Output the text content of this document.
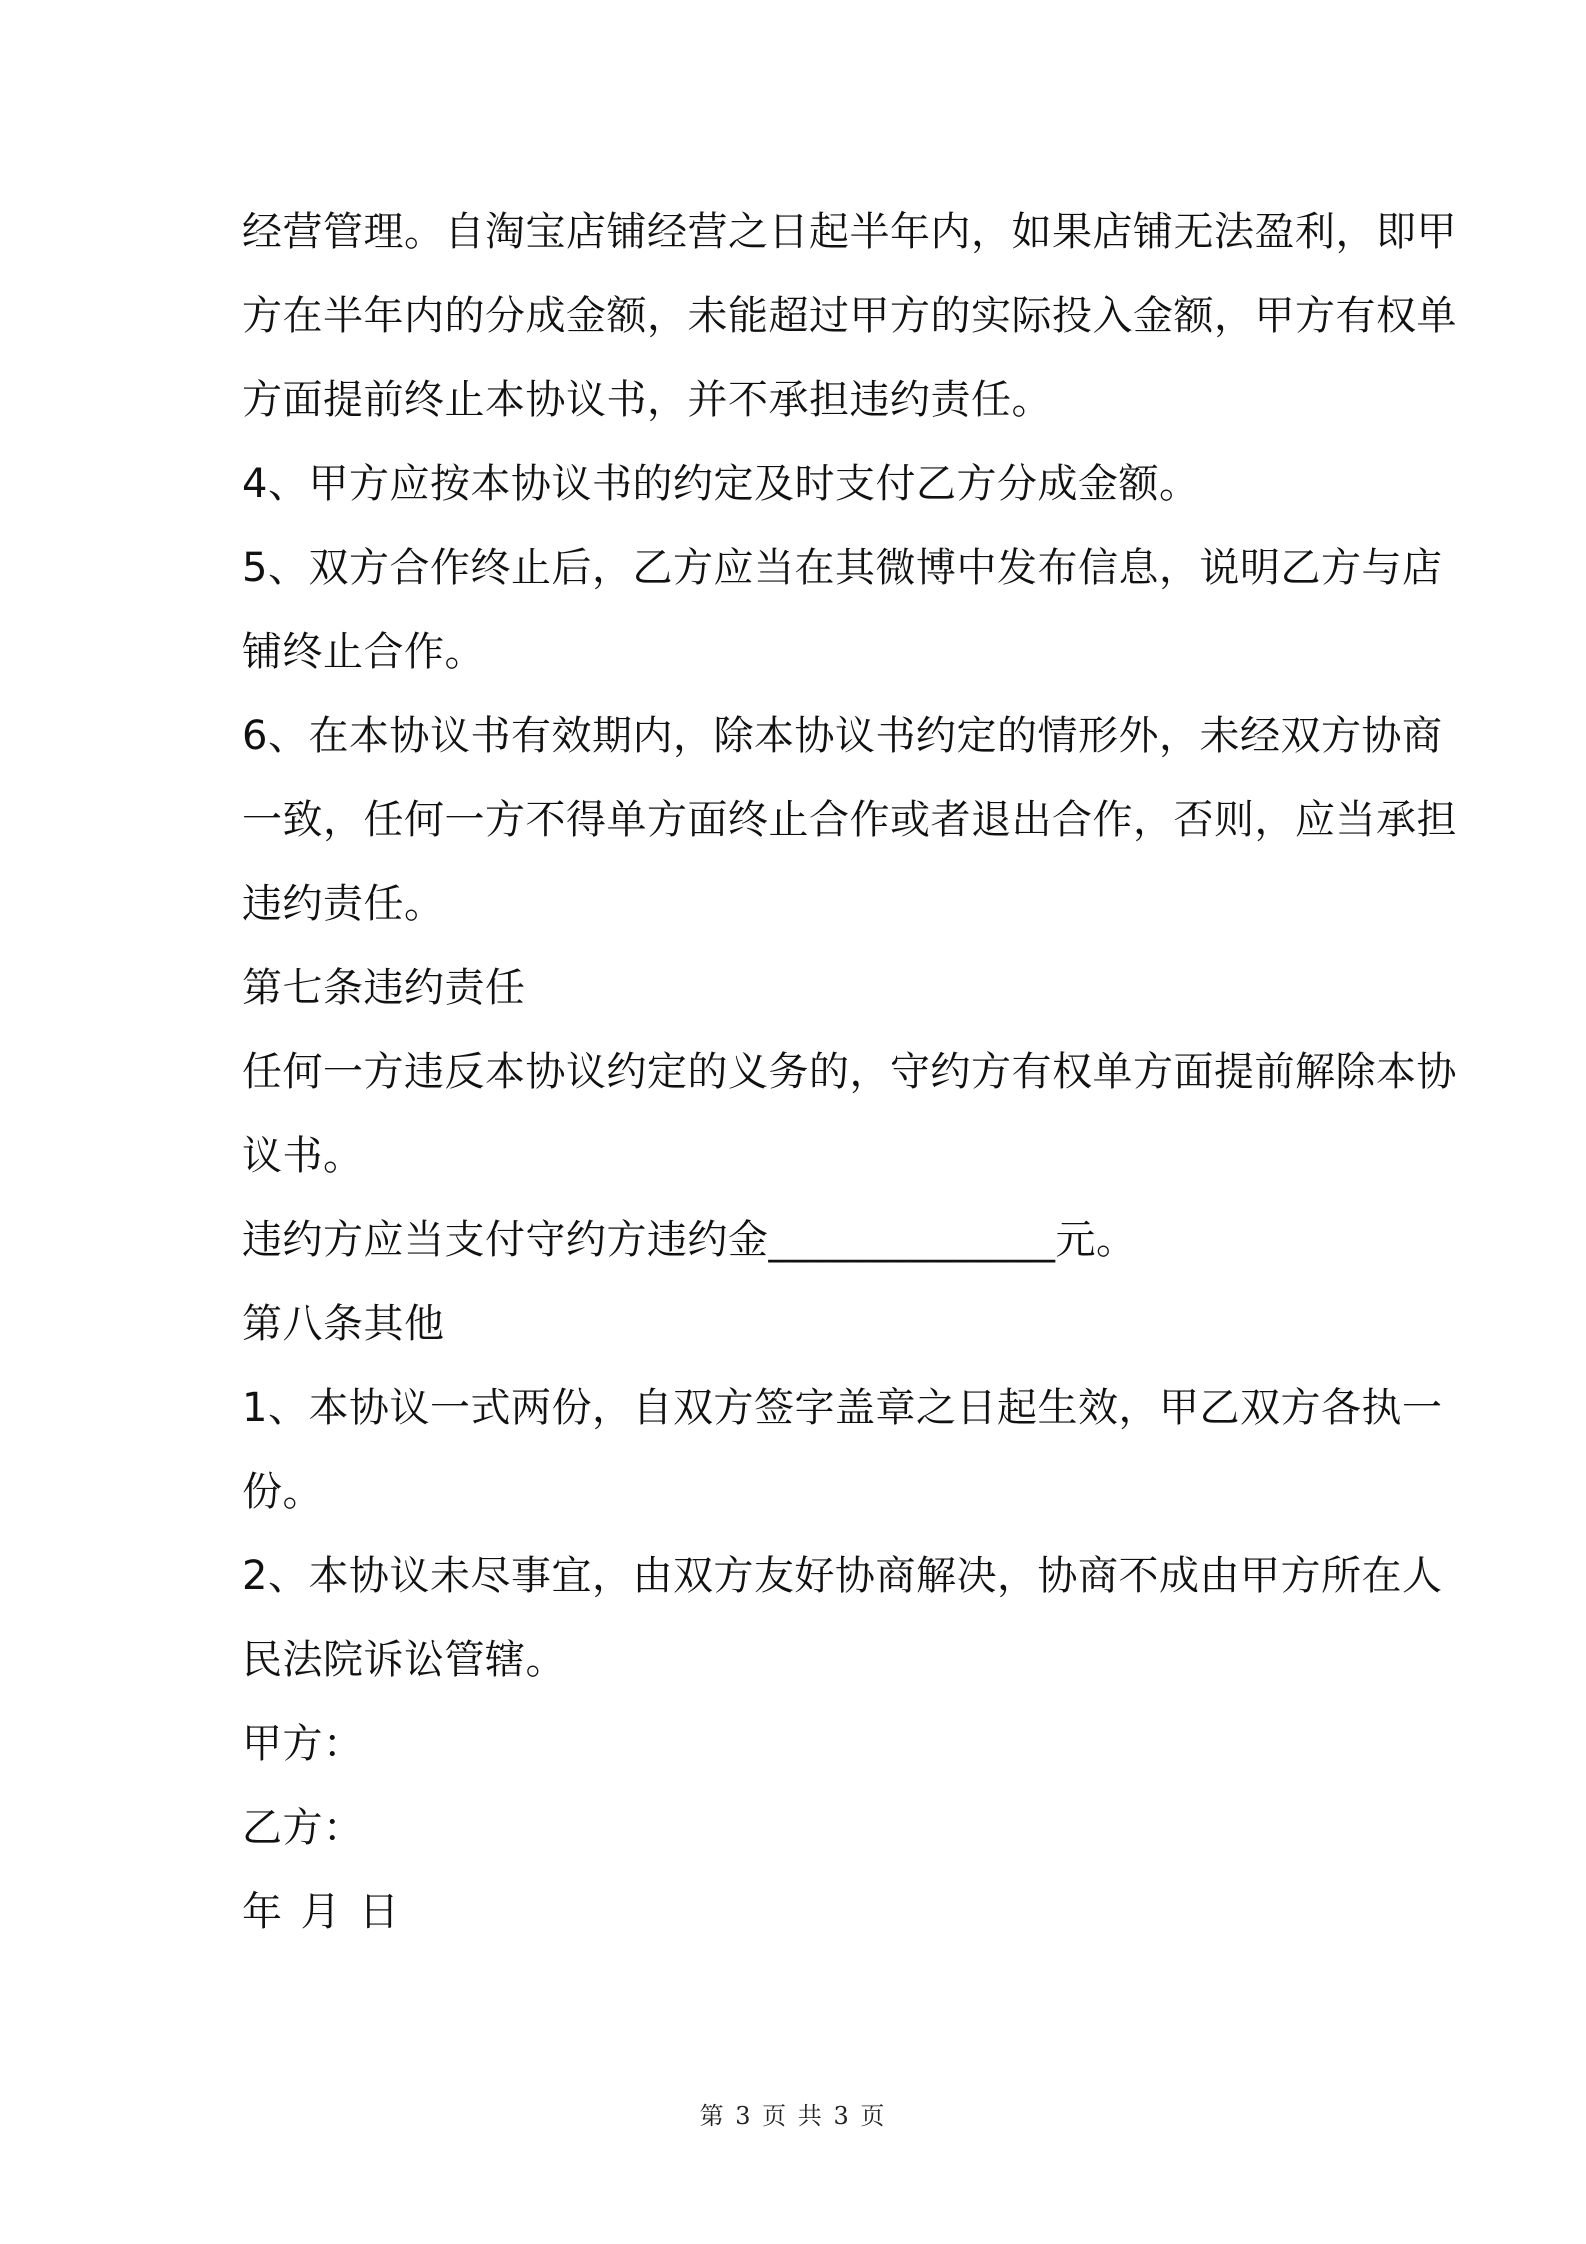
经营管理。自淘宝店铺经营之日起半年内，如果店铺无法盈利，即甲
方在半年内的分成金额，未能超过甲方的实际投入金额，甲方有权单
方面提前终止本协议书，并不承担违约责任。
4、甲方应按本协议书的约定及时支付乙方分成金额。
5、双方合作终止后，乙方应当在其微博中发布信息，说明乙方与店
铺终止合作。
6、在本协议书有效期内，除本协议书约定的情形外，未经双方协商
一致，任何一方不得单方面终止合作或者退出合作，否则，应当承担
违约责任。
第七条违约责任
任何一方违反本协议约定的义务的，守约方有权单方面提前解除本协
议书。
违约方应当支付守约方违约金______________元。
第八条其他
1、本协议一式两份，自双方签字盖章之日起生效，甲乙双方各执一
份。
2、本协议未尽事宜，由双方友好协商解决，协商不成由甲方所在人
民法院诉讼管辖。
甲方：
乙方：
年 月 日
第 3 页 共 3 页
